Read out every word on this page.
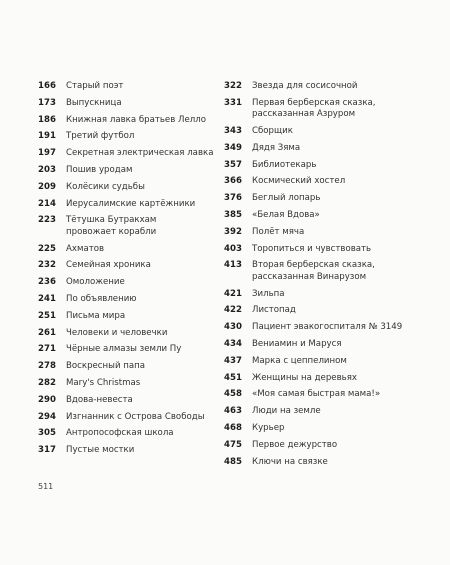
166	Старый поэт
173	Выпускница
186	Книжная лавка братьев Лелло
191	Третий футбол
197	Секретная электрическая лавка
203	Пошив уродам
209	Колёсики судьбы
214	Иерусалимские картёжники
223	Тётушка Бутракхам
провожает корабли
225	Ахматов
232	Семейная хроника
236	Омоложение
241	По объявлению
251	Письма мира
261	Человеки и человечки
271	Чёрные алмазы земли Пу
278	Воскресный папа
282	Mary's Christmas
290	Вдова-невеста
294	Изгнанник с Острова Свободы
305	Антропософская школа
317	Пустые мостки
322	Звезда для сосисочной
331	Первая берберская сказка,
рассказанная Азруром
343	Сборщик
349	Дядя Зяма
357	Библиотекарь
366	Космический хостел
376	Беглый лопарь
385	«Белая Вдова»
392	Полёт мяча
403	Торопиться и чувствовать
413	Вторая берберская сказка,
рассказанная Винарузом
421	Зильпа
422	Листопад
430	Пациент эвакогоспиталя № 3149
434	Вениамин и Маруся
437	Марка с цеппелином
451	Женщины на деревьях
458	«Моя самая быстрая мама!»
463	Люди на земле
468	Курьер
475	Первое дежурство
485	Ключи на связке
511
